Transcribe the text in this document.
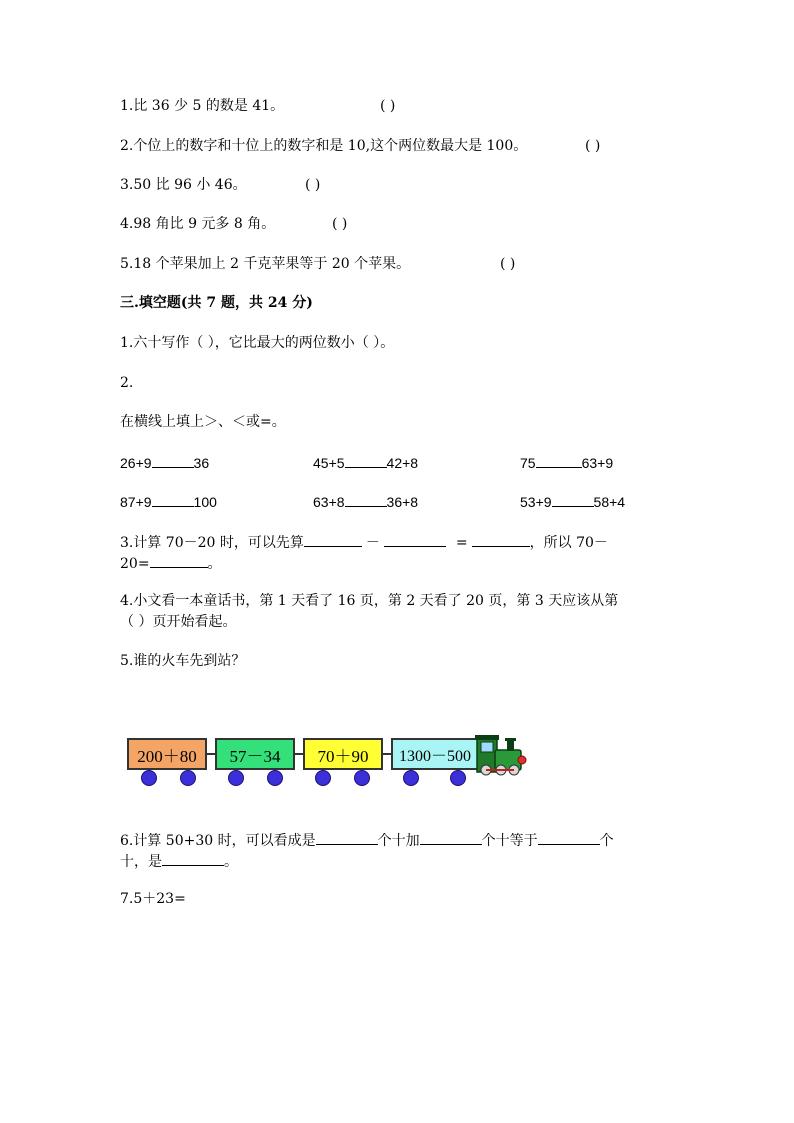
1.比 36 少 5 的数是 41。	( )
2.个位上的数字和十位上的数字和是 10,这个两位数最大是 100。	( )
3.50 比 96 小 46。	( )
4.98 角比 9 元多 8 角。	( )
5.18 个苹果加上 2 千克苹果等于 20 个苹果。	( )
三.填空题(共 7 题，共 24 分)
1.六十写作（ ），它比最大的两位数小（ ）。
2.
在横线上填上＞、＜或=。
26+9	36	45+5	42+8	75	63+9
87+9	100	63+8	36+8	53+9	58+4
3.计算 70－20 时，可以先算	－	=	，所以 70－
20=	。
4.小文看一本童话书，第 1 天看了 16 页，第 2 天看了 20 页，第 3 天应该从第
（ ）页开始看起。
5.谁的火车先到站？
200＋80 57－34 70＋90 1300－500
6.计算 50+30 时，可以看成是	个十加	个十等于	个
十，是	。
7.5＋23=
